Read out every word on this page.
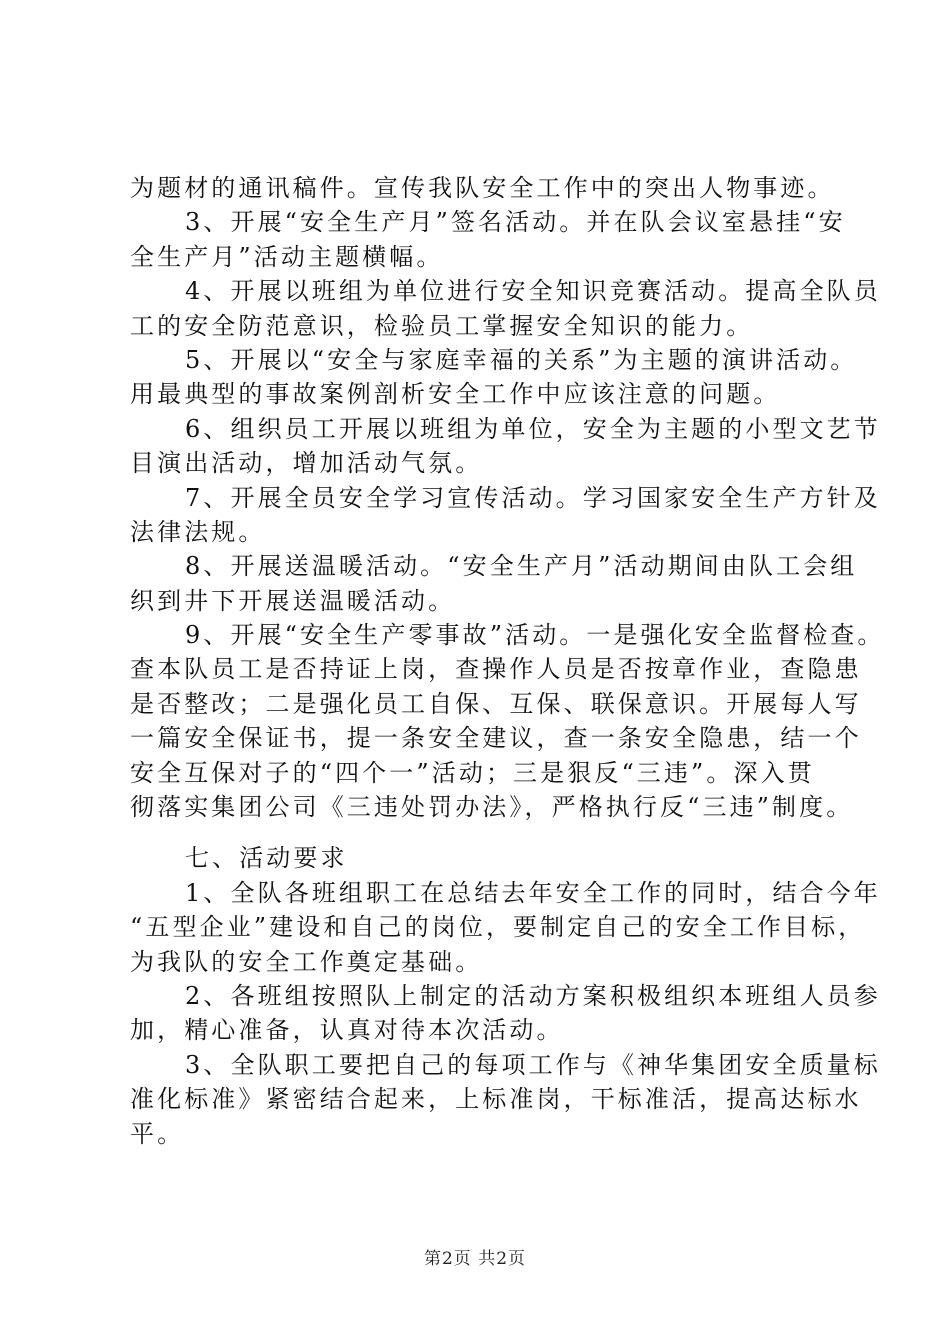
为题材的通讯稿件。宣传我队安全工作中的突出人物事迹。
3、开展“安全生产月”签名活动。并在队会议室悬挂“安
全生产月”活动主题横幅。
4、开展以班组为单位进行安全知识竞赛活动。提高全队员
工的安全防范意识，检验员工掌握安全知识的能力。
5、开展以“安全与家庭幸福的关系”为主题的演讲活动。
用最典型的事故案例剖析安全工作中应该注意的问题。
6、组织员工开展以班组为单位，安全为主题的小型文艺节
目演出活动，增加活动气氛。
7、开展全员安全学习宣传活动。学习国家安全生产方针及
法律法规。
8、开展送温暖活动。“安全生产月”活动期间由队工会组
织到井下开展送温暖活动。
9、开展“安全生产零事故”活动。一是强化安全监督检查。
查本队员工是否持证上岗，查操作人员是否按章作业，查隐患
是否整改；二是强化员工自保、互保、联保意识。开展每人写
一篇安全保证书，提一条安全建议，查一条安全隐患，结一个
安全互保对子的“四个一”活动；三是狠反“三违”。深入贯
彻落实集团公司《三违处罚办法》，严格执行反“三违”制度。
七、活动要求
1、全队各班组职工在总结去年安全工作的同时，结合今年
“五型企业”建设和自己的岗位，要制定自己的安全工作目标，
为我队的安全工作奠定基础。
2、各班组按照队上制定的活动方案积极组织本班组人员参
加，精心准备，认真对待本次活动。
3、全队职工要把自己的每项工作与《神华集团安全质量标
准化标准》紧密结合起来，上标准岗，干标准活，提高达标水
平。
第2页 共2页
